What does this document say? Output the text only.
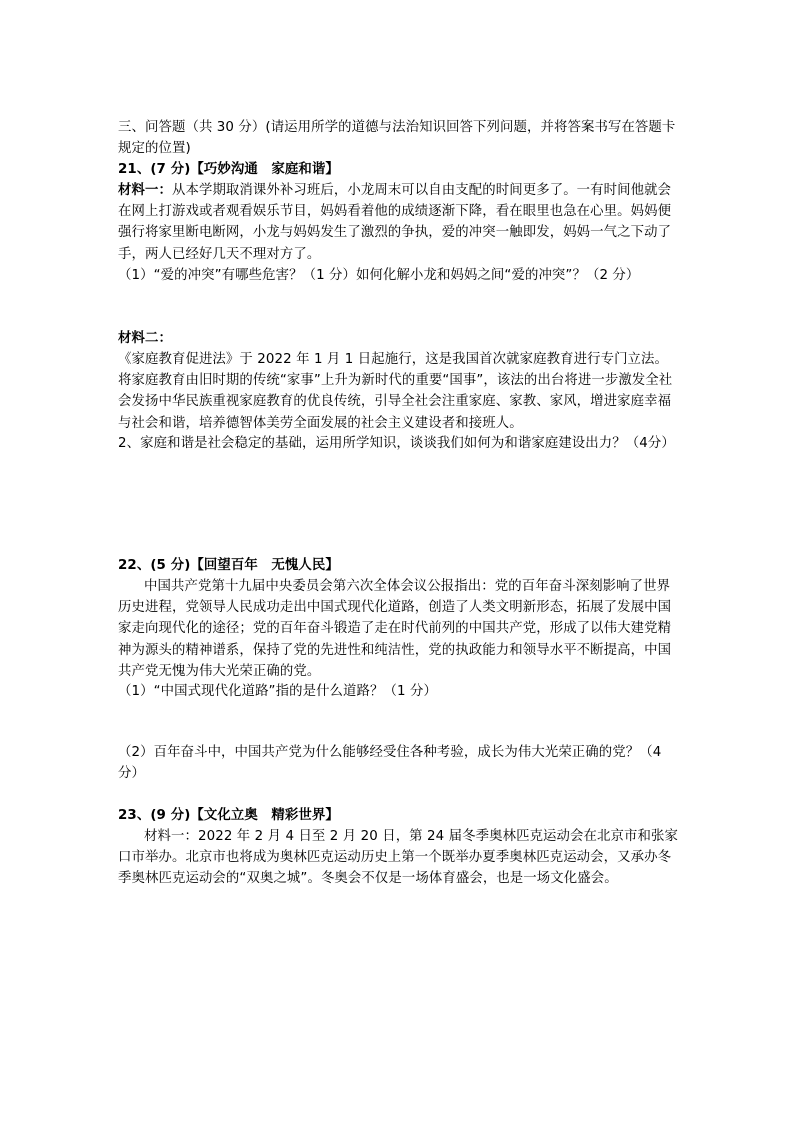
三、问答题（共 30 分）(请运用所学的道德与法治知识回答下列问题，并将答案书写在答题卡规定的位置)

21、(7 分)【巧妙沟通　家庭和谐】

材料一：从本学期取消课外补习班后，小龙周末可以自由支配的时间更多了。一有时间他就会在网上打游戏或者观看娱乐节目，妈妈看着他的成绩逐渐下降，看在眼里也急在心里。妈妈便强行将家里断电断网，小龙与妈妈发生了激烈的争执，爱的冲突一触即发，妈妈一气之下动了手，两人已经好几天不理对方了。

（1）“爱的冲突”有哪些危害？（1 分）如何化解小龙和妈妈之间“爱的冲突”？（2 分）

材料二：

《家庭教育促进法》于 2022 年 1 月 1 日起施行，这是我国首次就家庭教育进行专门立法。将家庭教育由旧时期的传统“家事”上升为新时代的重要“国事”，该法的出台将进一步激发全社会发扬中华民族重视家庭教育的优良传统，引导全社会注重家庭、家教、家风，增进家庭幸福与社会和谐，培养德智体美劳全面发展的社会主义建设者和接班人。

2、家庭和谐是社会稳定的基础，运用所学知识，谈谈我们如何为和谐家庭建设出力？（4分）

22、(5 分)【回望百年　无愧人民】

中国共产党第十九届中央委员会第六次全体会议公报指出：党的百年奋斗深刻影响了世界历史进程，党领导人民成功走出中国式现代化道路，创造了人类文明新形态，拓展了发展中国家走向现代化的途径；党的百年奋斗锻造了走在时代前列的中国共产党，形成了以伟大建党精神为源头的精神谱系，保持了党的先进性和纯洁性，党的执政能力和领导水平不断提高，中国共产党无愧为伟大光荣正确的党。

（1）“中国式现代化道路”指的是什么道路？（1 分）

（2）百年奋斗中，中国共产党为什么能够经受住各种考验，成长为伟大光荣正确的党？（4 分）

23、(9 分)【文化立奥　精彩世界】

材料一：2022 年 2 月 4 日至 2 月 20 日，第 24 届冬季奥林匹克运动会在北京市和张家口市举办。北京市也将成为奥林匹克运动历史上第一个既举办夏季奥林匹克运动会，又承办冬季奥林匹克运动会的“双奥之城”。冬奥会不仅是一场体育盛会，也是一场文化盛会。
